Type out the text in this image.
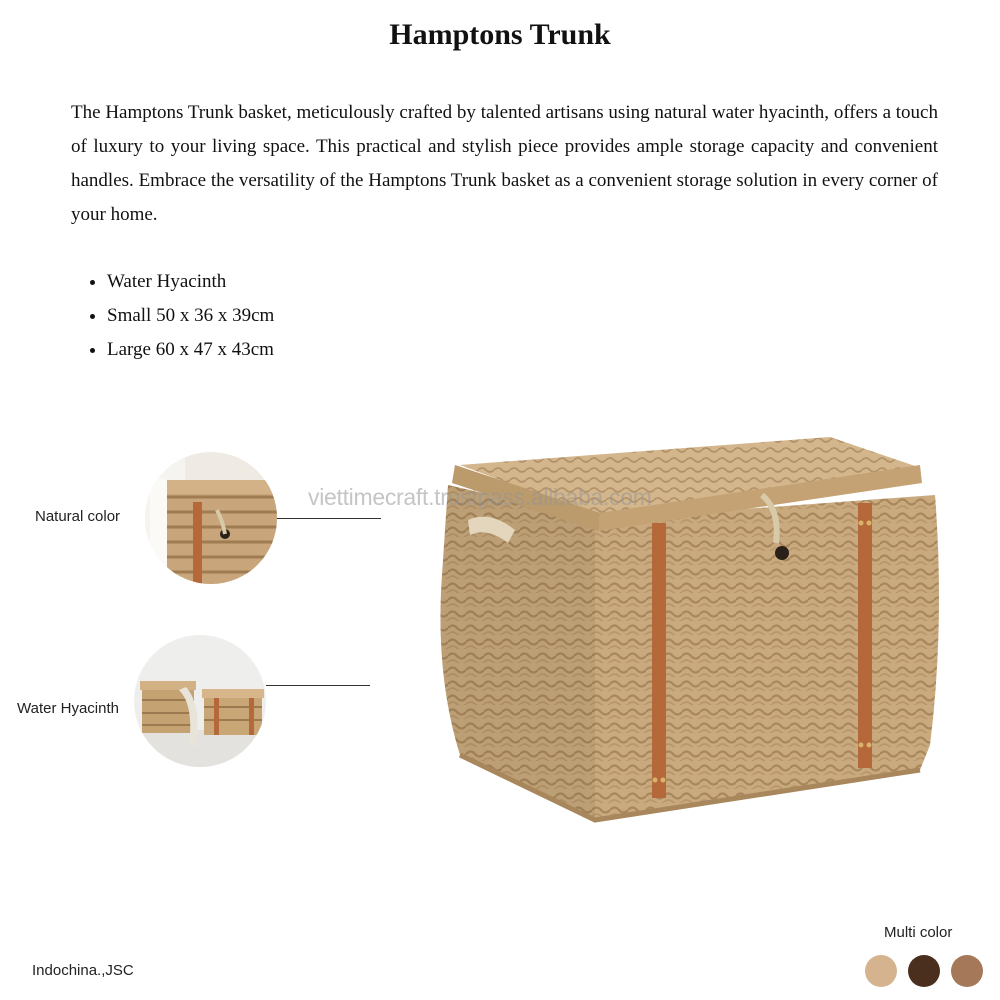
Hamptons Trunk

The Hamptons Trunk basket, meticulously crafted by talented artisans using natural water hyacinth, offers a touch of luxury to your living space. This practical and stylish piece provides ample storage capacity and convenient handles. Embrace the versatility of the Hamptons Trunk basket as a convenient storage solution in every corner of your home.

• Water Hyacinth
• Small 50 x 36 x 39cm
• Large 60 x 47 x 43cm
Natural color
Water Hyacinth
viettimecraft.trustpass.alibaba.com
Indochina.,JSC
Multi color
